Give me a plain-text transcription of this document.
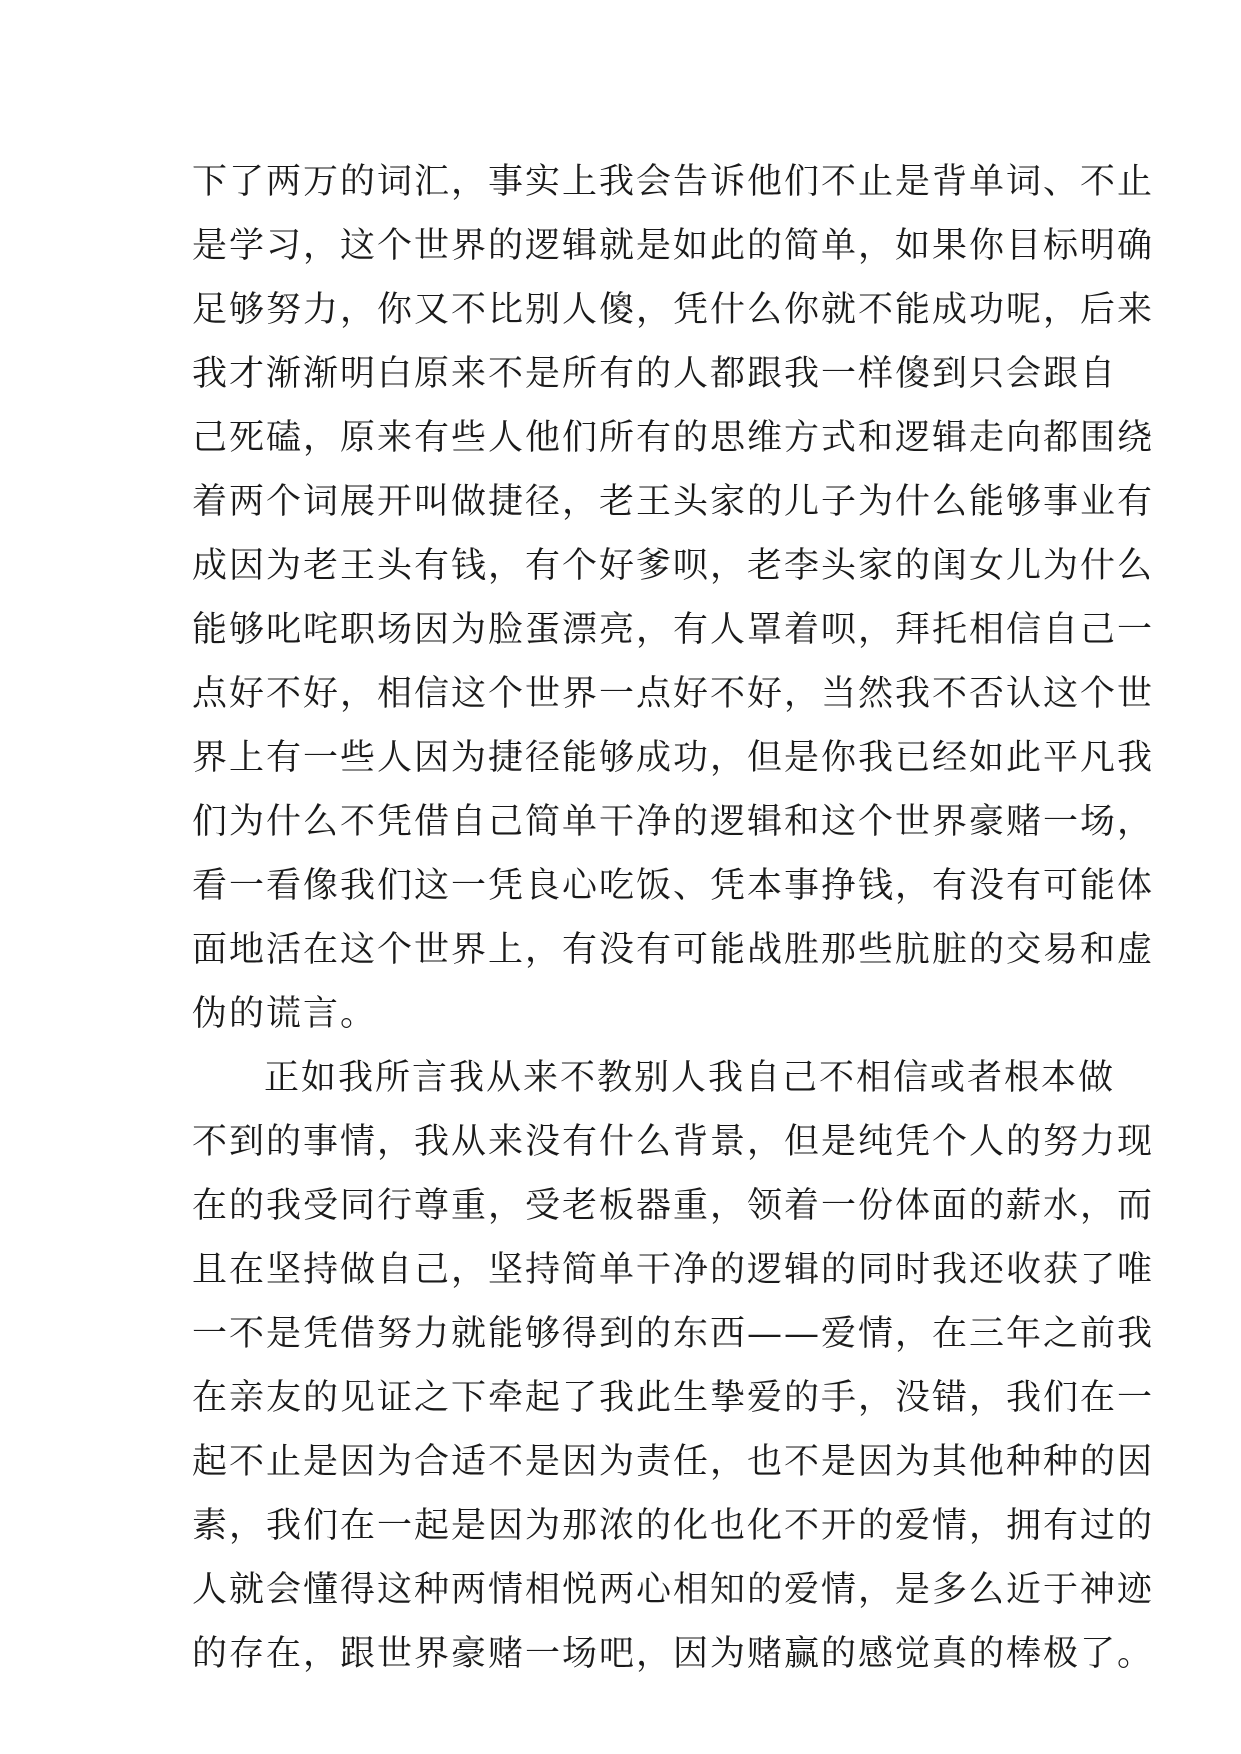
下了两万的词汇，事实上我会告诉他们不止是背单词、不止
是学习，这个世界的逻辑就是如此的简单，如果你目标明确
足够努力，你又不比别人傻，凭什么你就不能成功呢，后来
我才渐渐明白原来不是所有的人都跟我一样傻到只会跟自
己死磕，原来有些人他们所有的思维方式和逻辑走向都围绕
着两个词展开叫做捷径，老王头家的儿子为什么能够事业有
成因为老王头有钱，有个好爹呗，老李头家的闺女儿为什么
能够叱咤职场因为脸蛋漂亮，有人罩着呗，拜托相信自己一
点好不好，相信这个世界一点好不好，当然我不否认这个世
界上有一些人因为捷径能够成功，但是你我已经如此平凡我
们为什么不凭借自己简单干净的逻辑和这个世界豪赌一场，
看一看像我们这一凭良心吃饭、凭本事挣钱，有没有可能体
面地活在这个世界上，有没有可能战胜那些肮脏的交易和虚
伪的谎言。
正如我所言我从来不教别人我自己不相信或者根本做
不到的事情，我从来没有什么背景，但是纯凭个人的努力现
在的我受同行尊重，受老板器重，领着一份体面的薪水，而
且在坚持做自己，坚持简单干净的逻辑的同时我还收获了唯
一不是凭借努力就能够得到的东西——爱情，在三年之前我
在亲友的见证之下牵起了我此生挚爱的手，没错，我们在一
起不止是因为合适不是因为责任，也不是因为其他种种的因
素，我们在一起是因为那浓的化也化不开的爱情，拥有过的
人就会懂得这种两情相悦两心相知的爱情，是多么近于神迹
的存在，跟世界豪赌一场吧，因为赌赢的感觉真的棒极了。
